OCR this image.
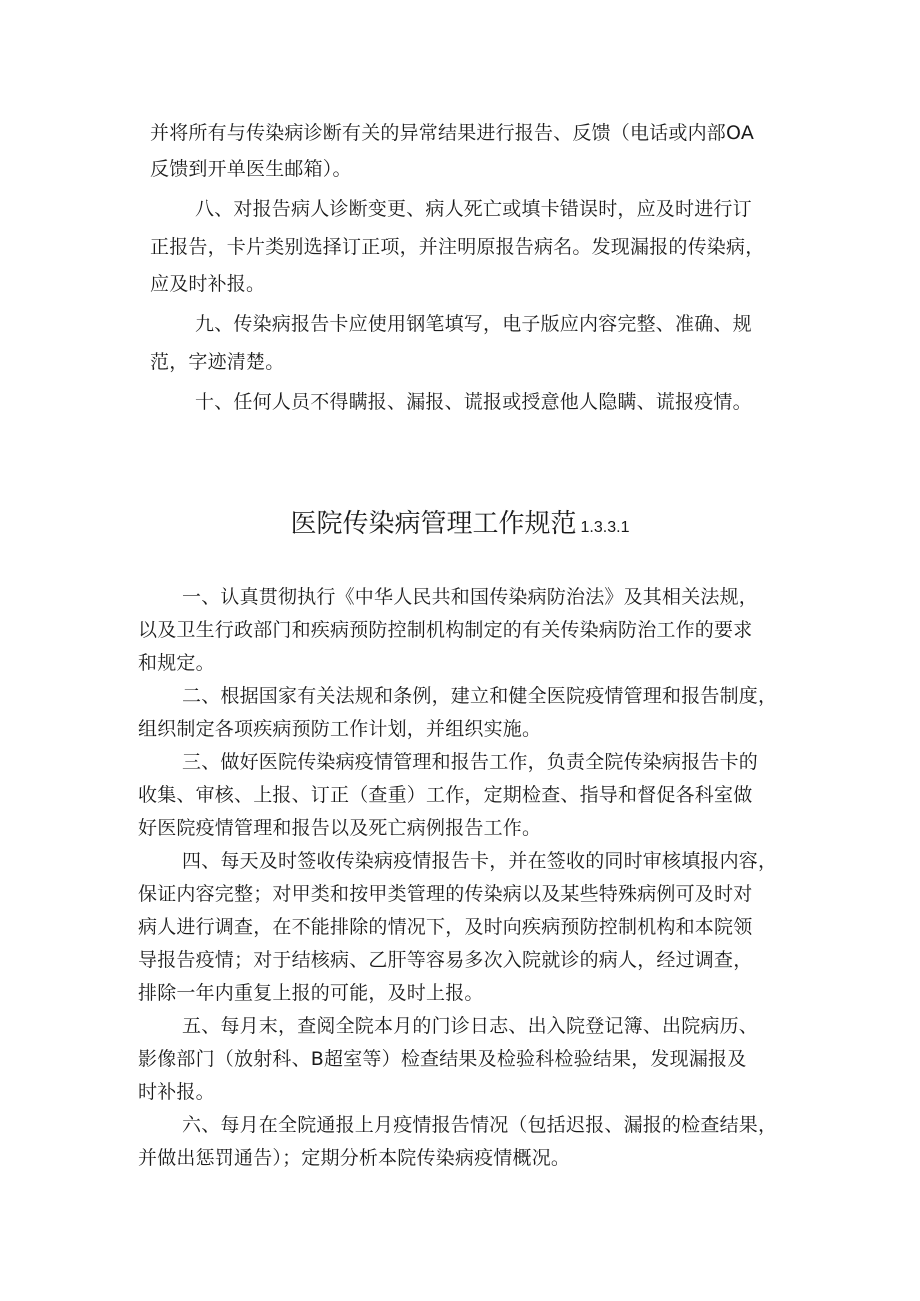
并将所有与传染病诊断有关的异常结果进行报告、反馈（电话或内部OA
反馈到开单医生邮箱）。
八、对报告病人诊断变更、病人死亡或填卡错误时，应及时进行订
正报告，卡片类别选择订正项，并注明原报告病名。发现漏报的传染病，
应及时补报。
九、传染病报告卡应使用钢笔填写，电子版应内容完整、准确、规
范，字迹清楚。
十、任何人员不得瞒报、漏报、谎报或授意他人隐瞒、谎报疫情。
医院传染病管理工作规范 1.3.3.1
一、认真贯彻执行《中华人民共和国传染病防治法》及其相关法规，
以及卫生行政部门和疾病预防控制机构制定的有关传染病防治工作的要求
和规定。
二、根据国家有关法规和条例，建立和健全医院疫情管理和报告制度，
组织制定各项疾病预防工作计划，并组织实施。
三、做好医院传染病疫情管理和报告工作，负责全院传染病报告卡的
收集、审核、上报、订正（查重）工作，定期检查、指导和督促各科室做
好医院疫情管理和报告以及死亡病例报告工作。
四、每天及时签收传染病疫情报告卡，并在签收的同时审核填报内容，
保证内容完整；对甲类和按甲类管理的传染病以及某些特殊病例可及时对
病人进行调查，在不能排除的情况下，及时向疾病预防控制机构和本院领
导报告疫情；对于结核病、乙肝等容易多次入院就诊的病人，经过调查，
排除一年内重复上报的可能，及时上报。
五、每月末，查阅全院本月的门诊日志、出入院登记簿、出院病历、
影像部门（放射科、B超室等）检查结果及检验科检验结果，发现漏报及
时补报。
六、每月在全院通报上月疫情报告情况（包括迟报、漏报的检查结果，
并做出惩罚通告）；定期分析本院传染病疫情概况。
